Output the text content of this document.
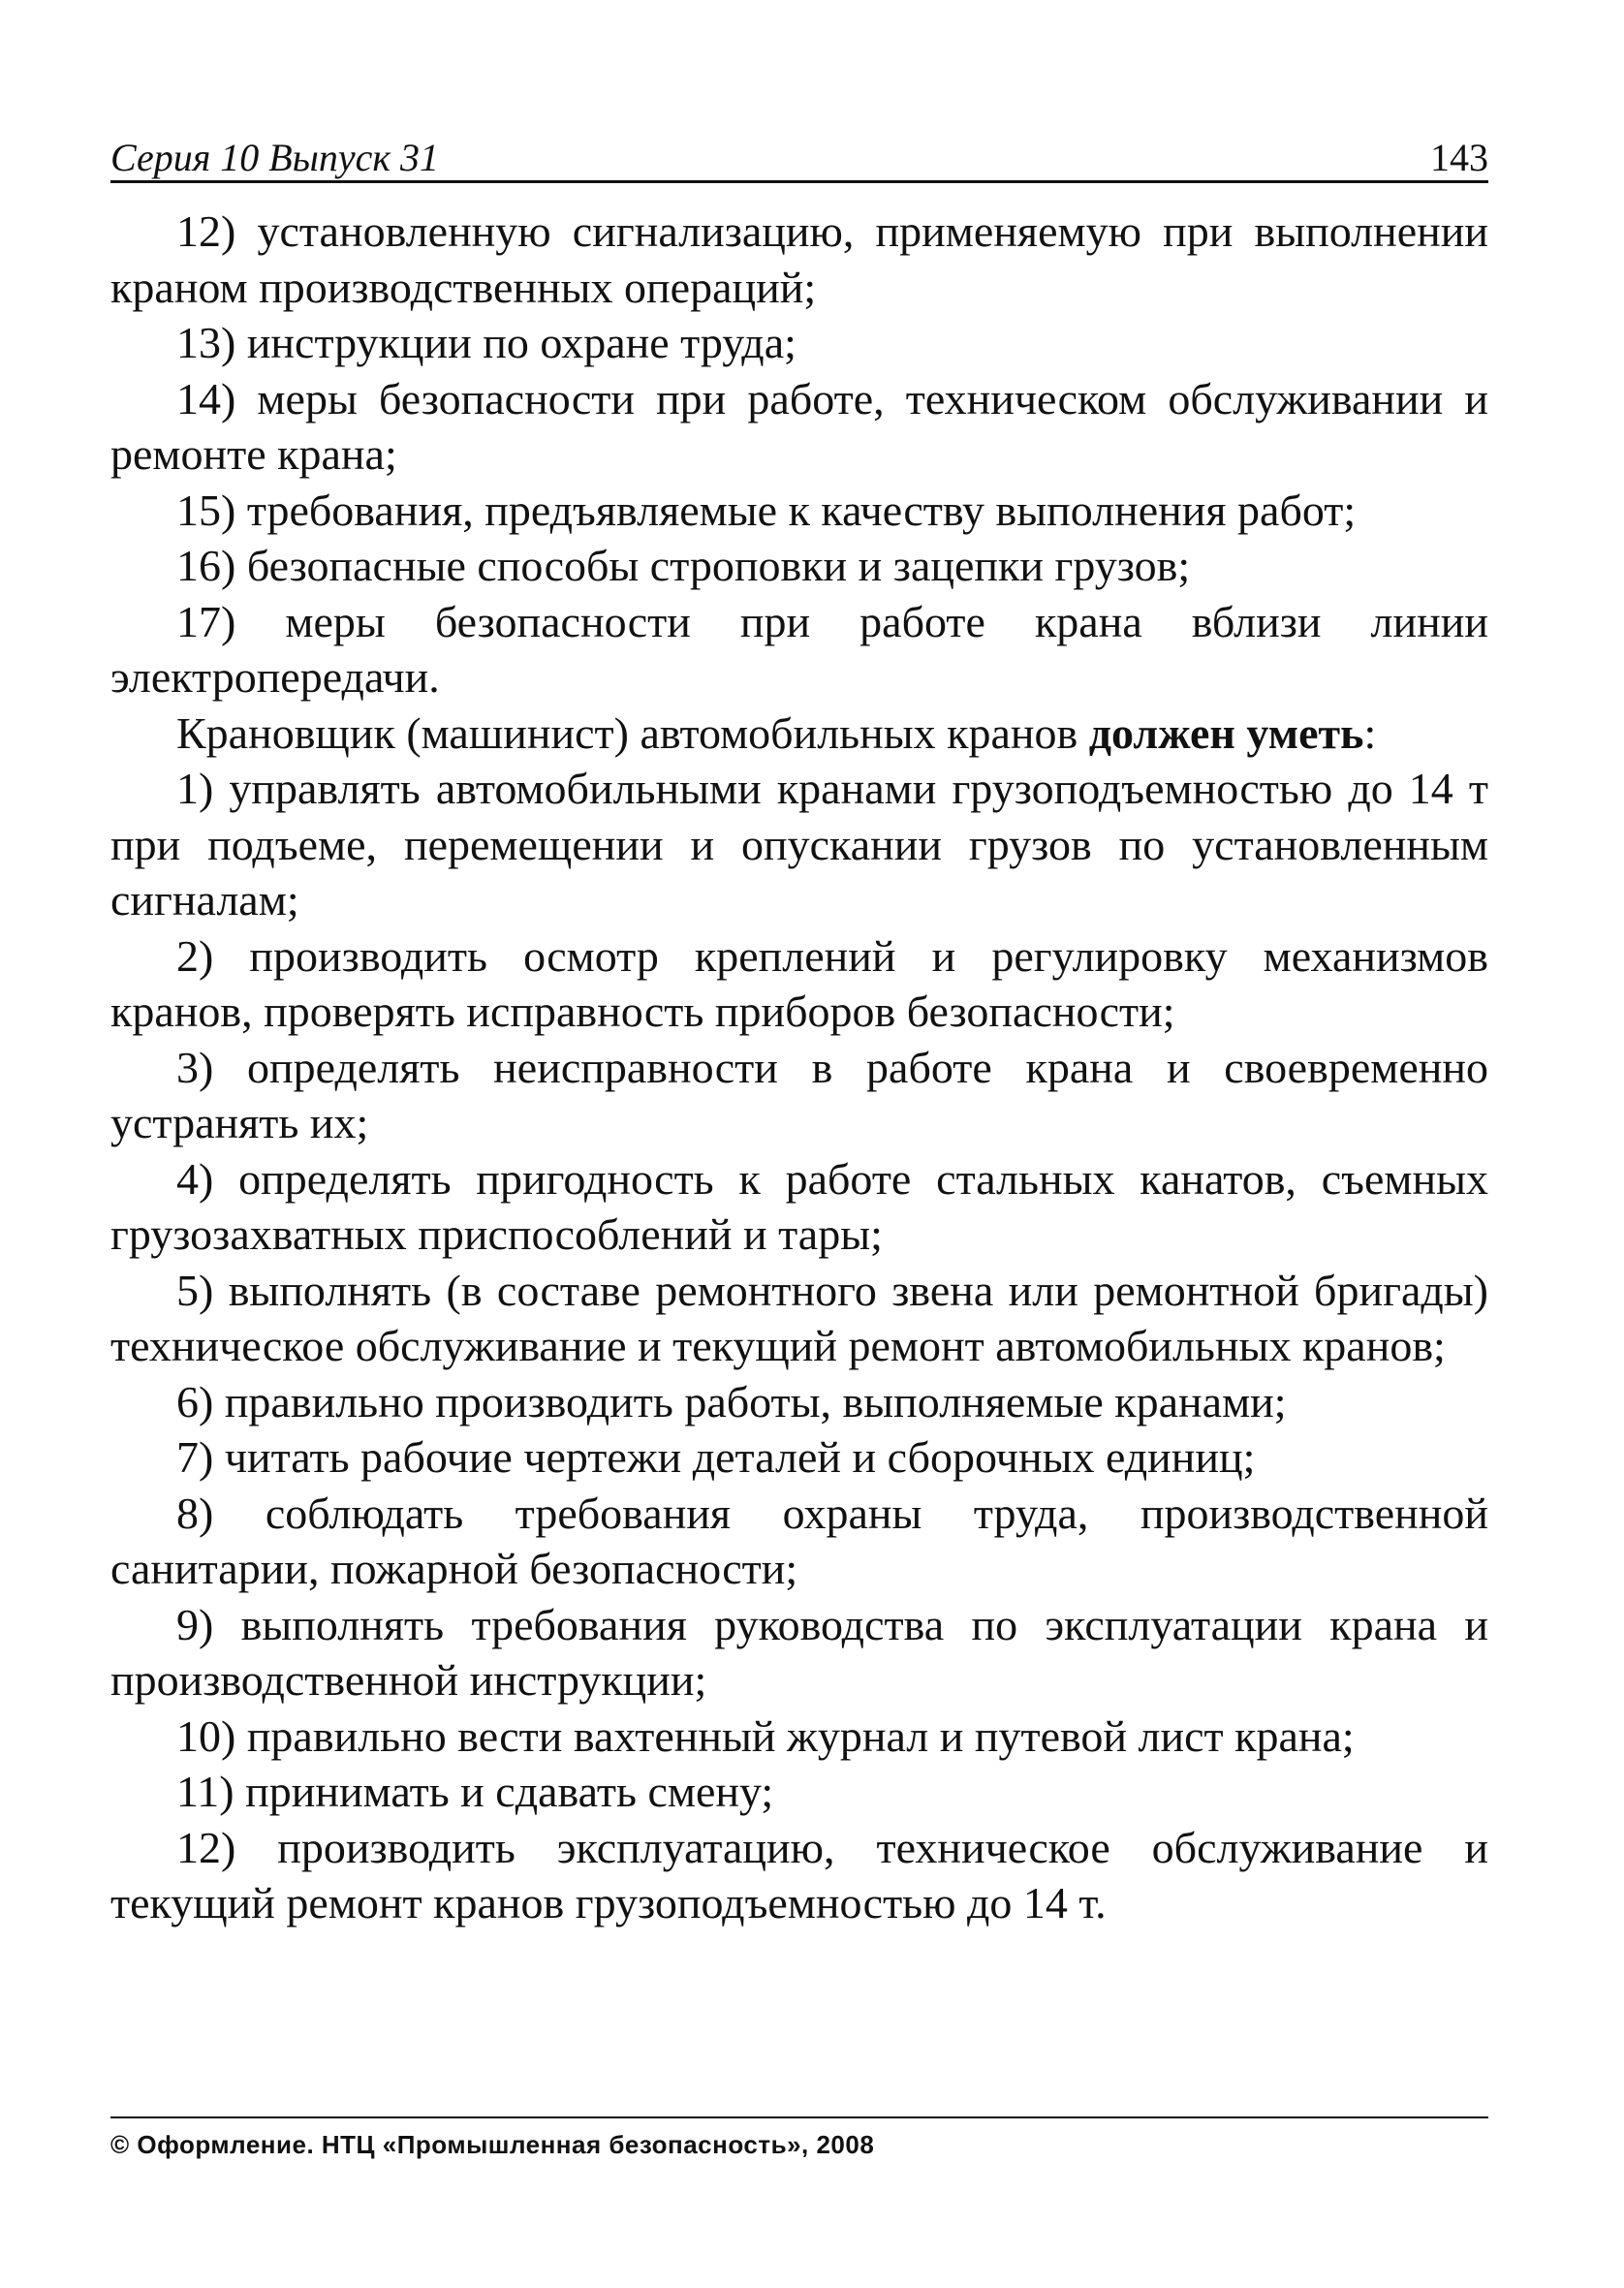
Серия 10 Выпуск 31	143

12) установленную сигнализацию, применяемую при выполнении краном производственных операций;

13) инструкции по охране труда;

14) меры безопасности при работе, техническом обслуживании и ремонте крана;

15) требования, предъявляемые к качеству выполнения работ;

16) безопасные способы строповки и зацепки грузов;

17) меры безопасности при работе крана вблизи линии электропередачи.

Крановщик (машинист) автомобильных кранов должен уметь:

1) управлять автомобильными кранами грузоподъемностью до 14 т при подъеме, перемещении и опускании грузов по установленным сигналам;

2) производить осмотр креплений и регулировку механизмов кранов, проверять исправность приборов безопасности;

3) определять неисправности в работе крана и своевременно устранять их;

4) определять пригодность к работе стальных канатов, съемных грузозахватных приспособлений и тары;

5) выполнять (в составе ремонтного звена или ремонтной бригады) техническое обслуживание и текущий ремонт автомобильных кранов;

6) правильно производить работы, выполняемые кранами;

7) читать рабочие чертежи деталей и сборочных единиц;

8) соблюдать требования охраны труда, производственной санитарии, пожарной безопасности;

9) выполнять требования руководства по эксплуатации крана и производственной инструкции;

10) правильно вести вахтенный журнал и путевой лист крана;

11) принимать и сдавать смену;

12) производить эксплуатацию, техническое обслуживание и текущий ремонт кранов грузоподъемностью до 14 т.

© Оформление. НТЦ «Промышленная безопасность», 2008
